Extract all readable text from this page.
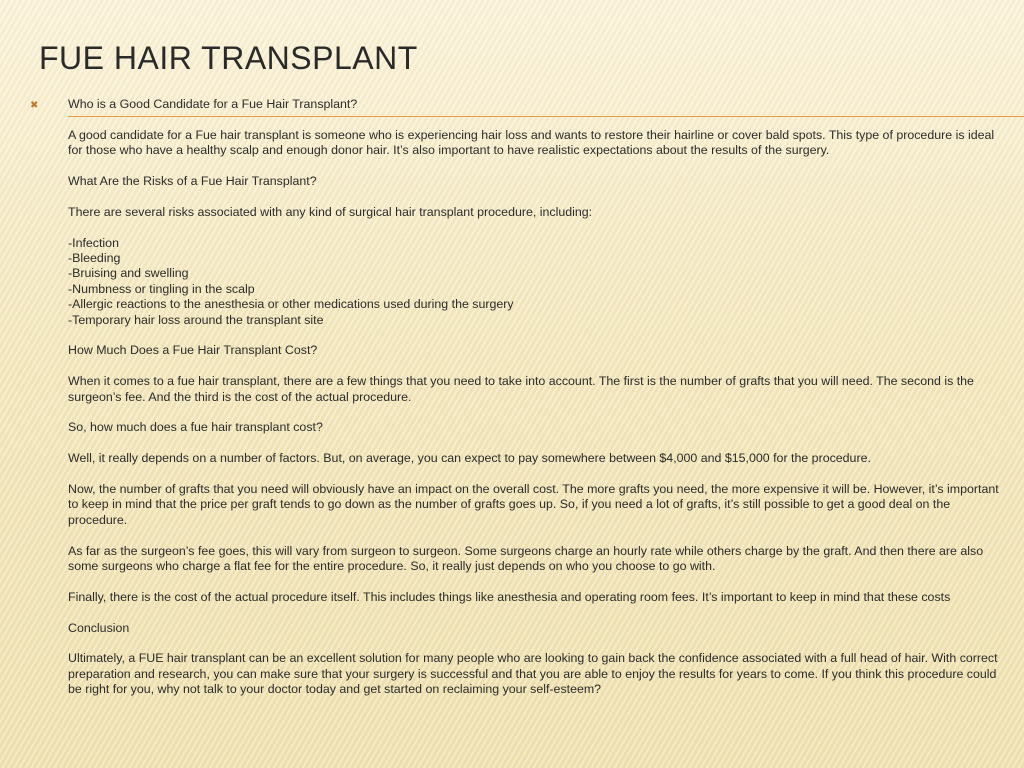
FUE HAIR TRANSPLANT
✖ Who is a Good Candidate for a Fue Hair Transplant?

A good candidate for a Fue hair transplant is someone who is experiencing hair loss and wants to restore their hairline or cover bald spots. This type of procedure is ideal for those who have a healthy scalp and enough donor hair. It’s also important to have realistic expectations about the results of the surgery.

What Are the Risks of a Fue Hair Transplant?

There are several risks associated with any kind of surgical hair transplant procedure, including:

-Infection
-Bleeding
-Bruising and swelling
-Numbness or tingling in the scalp
-Allergic reactions to the anesthesia or other medications used during the surgery
-Temporary hair loss around the transplant site

How Much Does a Fue Hair Transplant Cost?

When it comes to a fue hair transplant, there are a few things that you need to take into account. The first is the number of grafts that you will need. The second is the surgeon’s fee. And the third is the cost of the actual procedure.

So, how much does a fue hair transplant cost?

Well, it really depends on a number of factors. But, on average, you can expect to pay somewhere between $4,000 and $15,000 for the procedure.

Now, the number of grafts that you need will obviously have an impact on the overall cost. The more grafts you need, the more expensive it will be. However, it’s important to keep in mind that the price per graft tends to go down as the number of grafts goes up. So, if you need a lot of grafts, it’s still possible to get a good deal on the procedure.

As far as the surgeon’s fee goes, this will vary from surgeon to surgeon. Some surgeons charge an hourly rate while others charge by the graft. And then there are also some surgeons who charge a flat fee for the entire procedure. So, it really just depends on who you choose to go with.

Finally, there is the cost of the actual procedure itself. This includes things like anesthesia and operating room fees. It’s important to keep in mind that these costs

Conclusion

Ultimately, a FUE hair transplant can be an excellent solution for many people who are looking to gain back the confidence associated with a full head of hair. With correct preparation and research, you can make sure that your surgery is successful and that you are able to enjoy the results for years to come. If you think this procedure could be right for you, why not talk to your doctor today and get started on reclaiming your self-esteem?
